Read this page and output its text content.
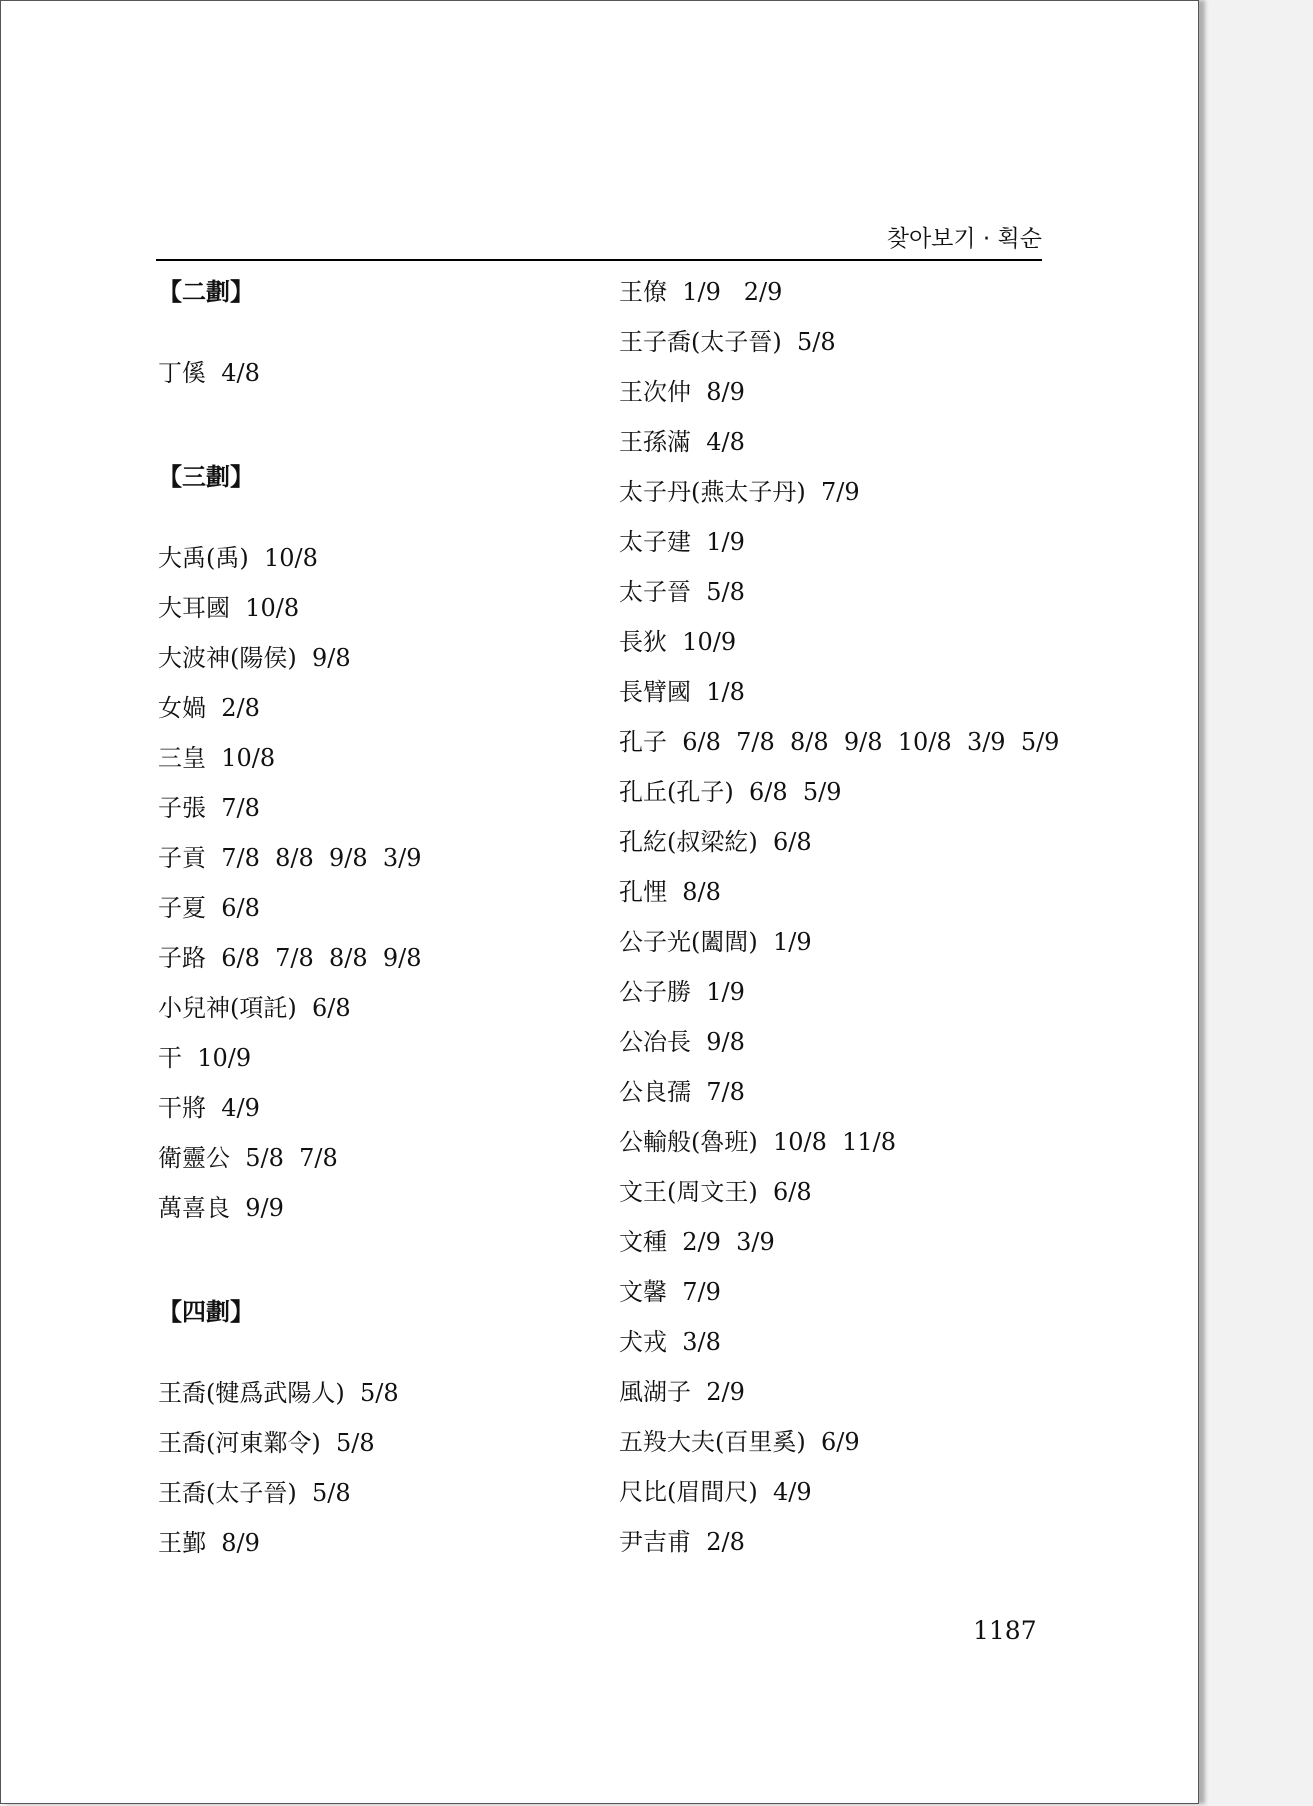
찾아보기 · 획순
【二劃】
丁傒  4/8
【三劃】
大禹(禹)  10/8
大耳國  10/8
大波神(陽侯)  9/8
女媧  2/8
三皇  10/8
子張  7/8
子貢  7/8  8/8  9/8  3/9
子夏  6/8
子路  6/8  7/8  8/8  9/8
小兒神(項託)  6/8
干  10/9
干將  4/9
衛靈公  5/8  7/8
萬喜良  9/9
【四劃】
王喬(犍爲武陽人)  5/8
王喬(河東鄴令)  5/8
王喬(太子晉)  5/8
王鄞  8/9
王僚  1/9   2/9
王子喬(太子晉)  5/8
王次仲  8/9
王孫滿  4/8
太子丹(燕太子丹)  7/9
太子建  1/9
太子晉  5/8
長狄  10/9
長臂國  1/8
孔子  6/8  7/8  8/8  9/8  10/8  3/9  5/9
孔丘(孔子)  6/8  5/9
孔紇(叔梁紇)  6/8
孔悝  8/8
公子光(闔閭)  1/9
公子勝  1/9
公冶長  9/8
公良孺  7/8
公輸般(魯班)  10/8  11/8
文王(周文王)  6/8
文種  2/9  3/9
文馨  7/9
犬戎  3/8
風湖子  2/9
五羖大夫(百里奚)  6/9
尺比(眉間尺)  4/9
尹吉甫  2/8
1187
